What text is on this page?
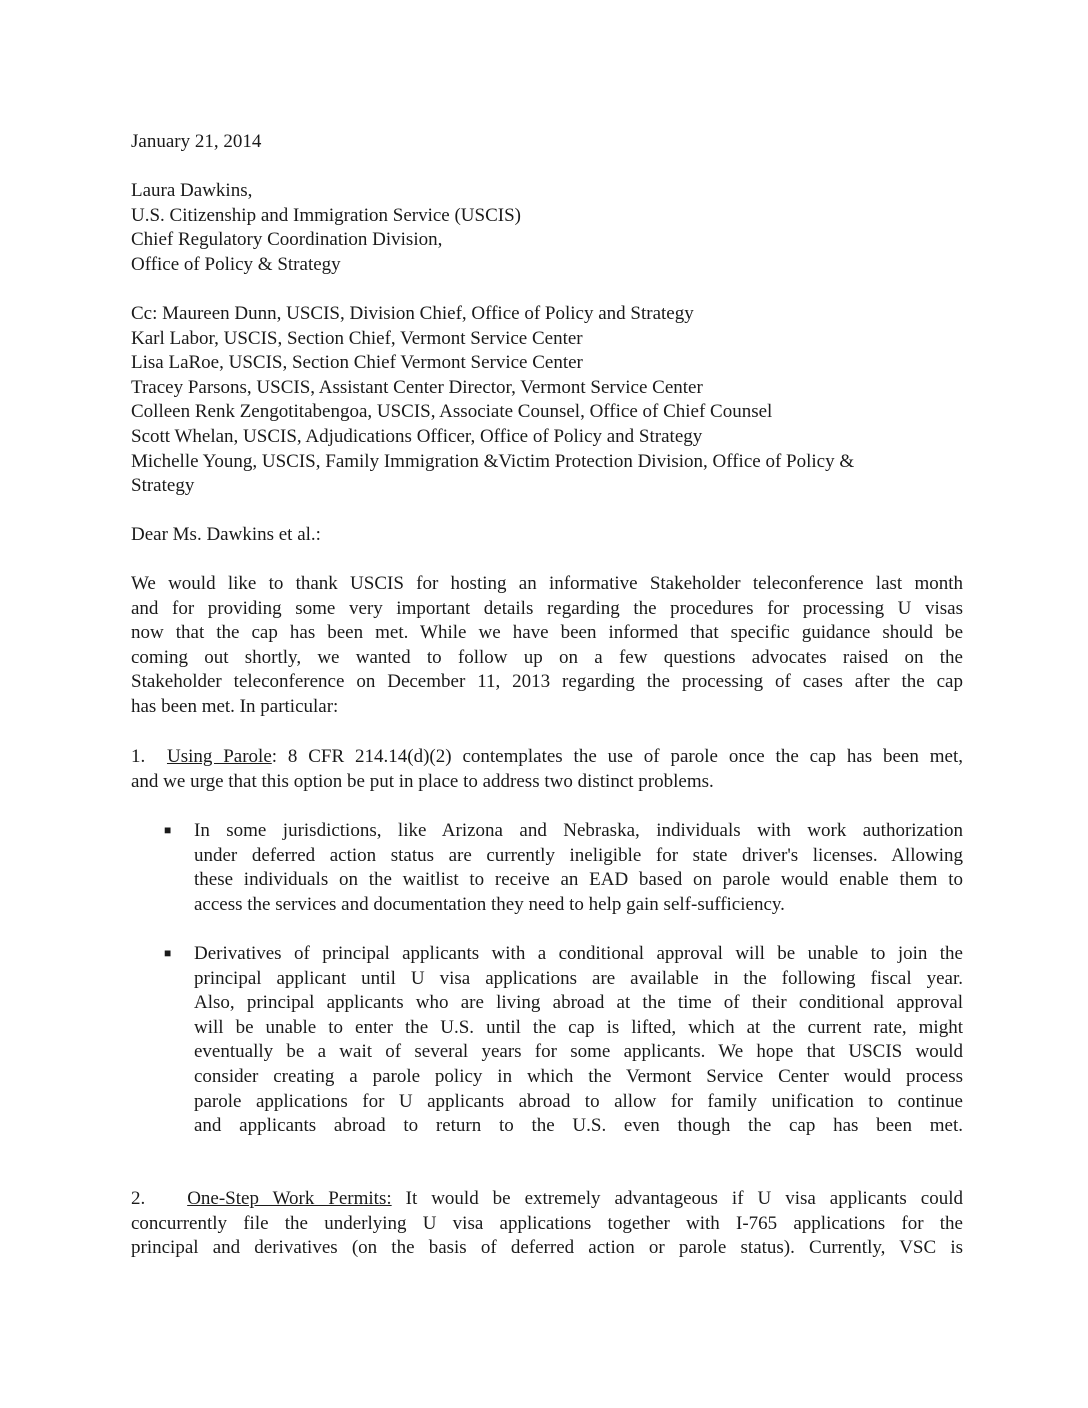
January 21, 2014
Laura Dawkins,
U.S. Citizenship and Immigration Service (USCIS)
Chief Regulatory Coordination Division,
Office of Policy & Strategy
Cc: Maureen Dunn, USCIS, Division Chief, Office of Policy and Strategy
Karl Labor, USCIS, Section Chief, Vermont Service Center
Lisa LaRoe, USCIS, Section Chief Vermont Service Center
Tracey Parsons, USCIS, Assistant Center Director, Vermont Service Center
Colleen Renk Zengotitabengoa, USCIS, Associate Counsel, Office of Chief Counsel
Scott Whelan, USCIS, Adjudications Officer, Office of Policy and Strategy
Michelle Young, USCIS, Family Immigration &Victim Protection Division, Office of Policy &
Strategy
Dear Ms. Dawkins et al.:
We would like to thank USCIS for hosting an informative Stakeholder teleconference last month
and for providing some very important details regarding the procedures for processing U visas
now that the cap has been met. While we have been informed that specific guidance should be
coming out shortly, we wanted to follow up on a few questions advocates raised on the
Stakeholder teleconference on December 11, 2013 regarding the processing of cases after the cap
has been met. In particular:
1. Using Parole: 8 CFR 214.14(d)(2) contemplates the use of parole once the cap has been met,
and we urge that this option be put in place to address two distinct problems.
■ In some jurisdictions, like Arizona and Nebraska, individuals with work authorization
under deferred action status are currently ineligible for state driver's licenses. Allowing
these individuals on the waitlist to receive an EAD based on parole would enable them to
access the services and documentation they need to help gain self-sufficiency.
■ Derivatives of principal applicants with a conditional approval will be unable to join the
principal applicant until U visa applications are available in the following fiscal year.
Also, principal applicants who are living abroad at the time of their conditional approval
will be unable to enter the U.S. until the cap is lifted, which at the current rate, might
eventually be a wait of several years for some applicants. We hope that USCIS would
consider creating a parole policy in which the Vermont Service Center would process
parole applications for U applicants abroad to allow for family unification to continue
and applicants abroad to return to the U.S. even though the cap has been met.
2. One-Step Work Permits: It would be extremely advantageous if U visa applicants could
concurrently file the underlying U visa applications together with I-765 applications for the
principal and derivatives (on the basis of deferred action or parole status). Currently, VSC is
